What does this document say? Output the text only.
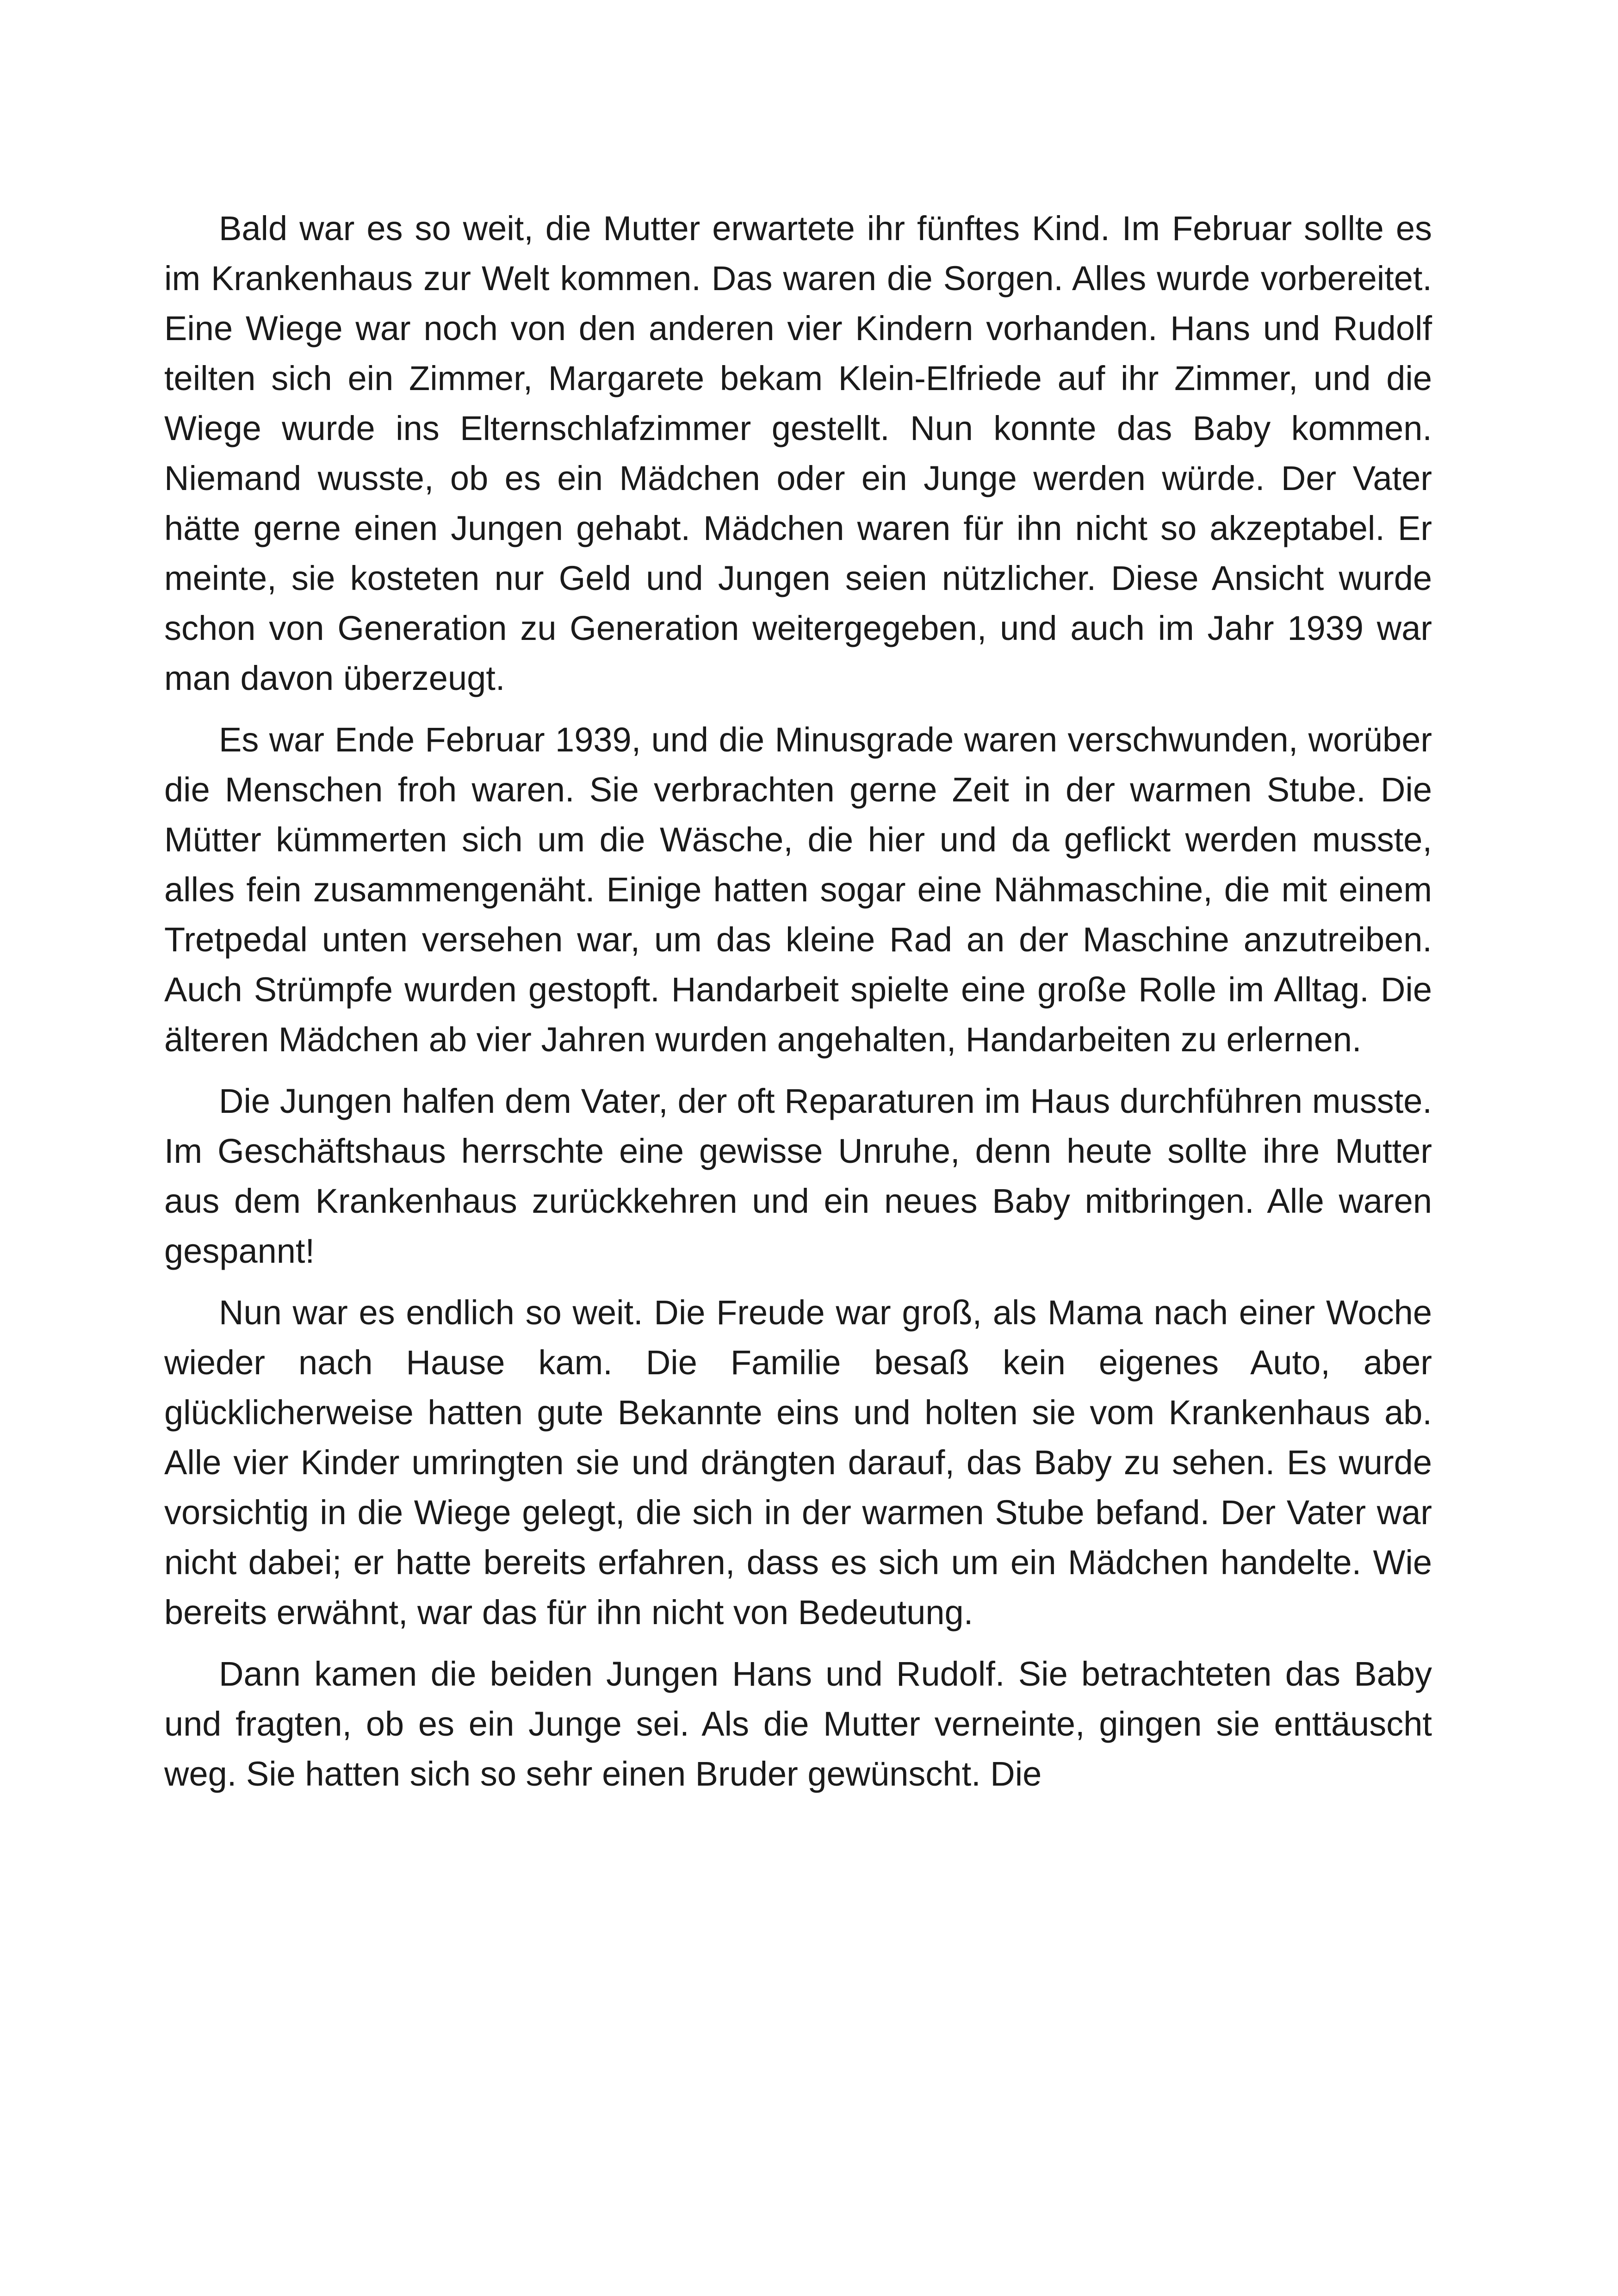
Bald war es so weit, die Mutter erwartete ihr fünftes Kind. Im Februar sollte es im Krankenhaus zur Welt kommen. Das waren die Sorgen. Alles wurde vorbereitet. Eine Wiege war noch von den anderen vier Kindern vorhanden. Hans und Rudolf teilten sich ein Zimmer, Margarete bekam Klein-Elfriede auf ihr Zimmer, und die Wiege wurde ins Elternschlafzimmer gestellt. Nun konnte das Baby kommen. Niemand wusste, ob es ein Mädchen oder ein Junge werden würde. Der Vater hätte gerne einen Jungen gehabt. Mädchen waren für ihn nicht so akzeptabel. Er meinte, sie kosteten nur Geld und Jungen seien nützlicher. Diese Ansicht wurde schon von Generation zu Generation weitergegeben, und auch im Jahr 1939 war man davon überzeugt.

Es war Ende Februar 1939, und die Minusgrade waren verschwunden, worüber die Menschen froh waren. Sie verbrachten gerne Zeit in der warmen Stube. Die Mütter kümmerten sich um die Wäsche, die hier und da geflickt werden musste, alles fein zusammengenäht. Einige hatten sogar eine Nähmaschine, die mit einem Tretpedal unten versehen war, um das kleine Rad an der Maschine anzutreiben. Auch Strümpfe wurden gestopft. Handarbeit spielte eine große Rolle im Alltag. Die älteren Mädchen ab vier Jahren wurden angehalten, Handarbeiten zu erlernen.

Die Jungen halfen dem Vater, der oft Reparaturen im Haus durchführen musste. Im Geschäftshaus herrschte eine gewisse Unruhe, denn heute sollte ihre Mutter aus dem Krankenhaus zurückkehren und ein neues Baby mitbringen. Alle waren gespannt!

Nun war es endlich so weit. Die Freude war groß, als Mama nach einer Woche wieder nach Hause kam. Die Familie besaß kein eigenes Auto, aber glücklicherweise hatten gute Bekannte eins und holten sie vom Krankenhaus ab. Alle vier Kinder umringten sie und drängten darauf, das Baby zu sehen. Es wurde vorsichtig in die Wiege gelegt, die sich in der warmen Stube befand. Der Vater war nicht dabei; er hatte bereits erfahren, dass es sich um ein Mädchen handelte. Wie bereits erwähnt, war das für ihn nicht von Bedeutung.

Dann kamen die beiden Jungen Hans und Rudolf. Sie betrachteten das Baby und fragten, ob es ein Junge sei. Als die Mutter verneinte, gingen sie enttäuscht weg. Sie hatten sich so sehr einen Bruder gewünscht. Die
